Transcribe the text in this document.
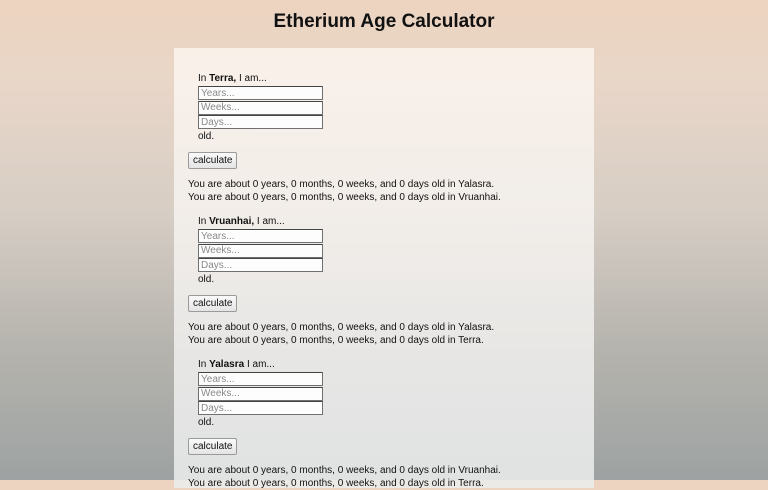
Etherium Age Calculator
In Terra, I am...
Years...
Weeks...
Days...
old.
calculate
You are about 0 years, 0 months, 0 weeks, and 0 days old in Yalasra.
You are about 0 years, 0 months, 0 weeks, and 0 days old in Vruanhai.
In Vruanhai, I am...
Years...
Weeks...
Days...
old.
calculate
You are about 0 years, 0 months, 0 weeks, and 0 days old in Yalasra.
You are about 0 years, 0 months, 0 weeks, and 0 days old in Terra.
In Yalasra I am...
Years...
Weeks...
Days...
old.
calculate
You are about 0 years, 0 months, 0 weeks, and 0 days old in Vruanhai.
You are about 0 years, 0 months, 0 weeks, and 0 days old in Terra.
